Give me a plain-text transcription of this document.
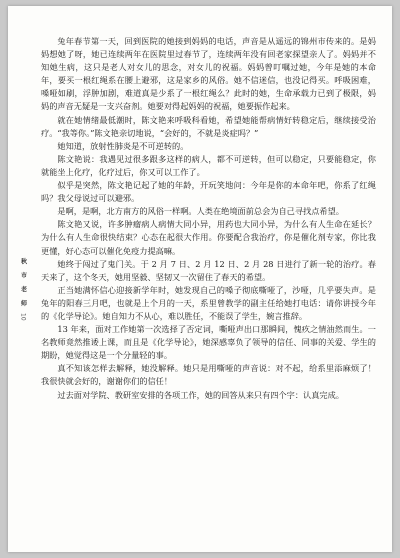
秋 市 老 师
10

兔年春节第一天，回到医院的她接到妈妈的电话，声音是从遥远的锦州市传来的。是妈妈想她了呀，她已连续两年在医院里过春节了，连续两年没有回老家探望亲人了。妈妈并不知她生病，这只是老人对女儿的思念，对女儿的祝福。妈妈曾叮嘱过她，今年是她的本命年，要买一根红绳系在腰上避邪，这是家乡的风俗。她不信迷信，也没记得买。呼吸困难，嗓哑如刷，浮肿加剧，难道真是少系了一根红绳么？此时的她，生命承载力已到了极限，妈妈的声音无疑是一支兴奋剂。她要对得起妈妈的祝福，她要振作起来。

就在她情绪最低潮时，陈文艳来呼吸科看她，希望她能帮病情好转稳定后，继续接受治疗。“我等你。”陈文艳亲切地说，“会好的，不就是炎症吗？”

她知道，放射性肺炎是不可逆转的。

陈文艳说：我遇见过很多跟多这样的病人，都不可逆转，但可以稳定，只要能稳定，你就能坐上化疗，化疗过后，你又可以工作了。

似乎是突然，陈文艳记起了她的年龄，开玩笑地问：今年是你的本命年吧，你系了红绳吗？我父母说过可以避邪。

是啊，是啊，北方南方的风俗一样啊。人类在绝境面前总会为自己寻找点希望。

陈文艳又说，许多肿瘤病人病情大同小异，用药也大同小异，为什么有人生命在延长？为什么有人生命很快结束？心态在起很大作用。你要配合我治疗，你是催化剂专家，你比我更懂，好心态可以催化免疫力提高嘛。

她终于闯过了鬼门关。于 2 月 7 日、2 月 12 日、2 月 28 日进行了新一轮的治疗。春天来了，这个冬天，她用坚毅、坚韧又一次留住了春天的希望。

正当她满怀信心迎接新学年时，她发现自己的嗓子彻底嘶哑了，沙哑，几乎要失声。是兔年的阳春三月吧，也就是上个月的一天，系里曾教学的副主任给她打电话：请你讲授今年的《化学导论》。她自知力不从心，难以胜任，不能误了学生，婉言推辞。

13 年来，面对工作她第一次选择了否定词，嘶哑声出口那瞬间，愧疚之情油然而生。一名教师竟然推诿上课，而且是《化学导论》，她深感辜负了领导的信任、同事的关爱、学生的期盼，她觉得这是一个分量轻的事。

真不知该怎样去解释，她没解释。她只是用嘶哑的声音说：对不起，给系里添麻烦了！我很快就会好的，谢谢你们的信任！

过去面对学院、教研室安排的各项工作，她的回答从来只有四个字：认真完成。
